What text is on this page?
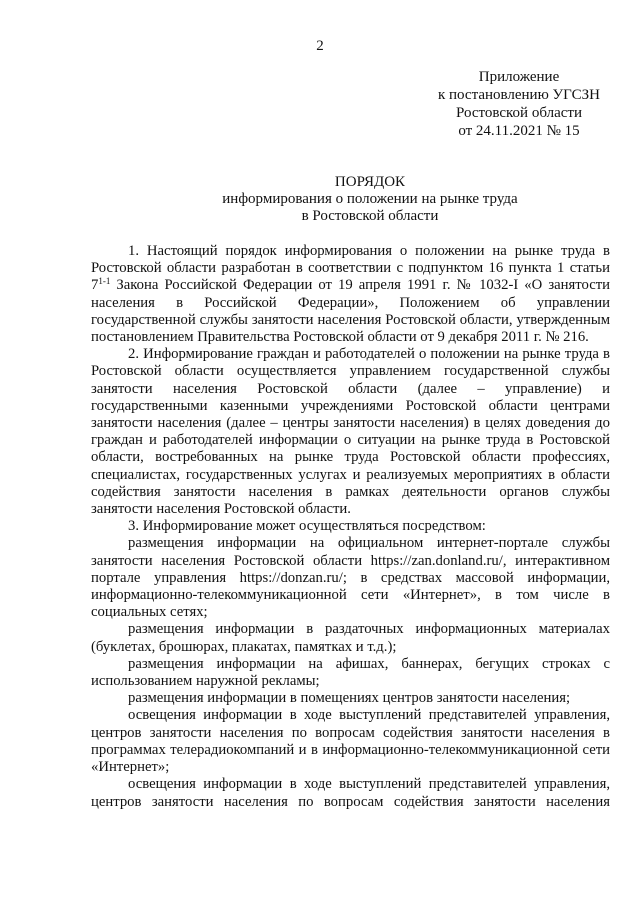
2
Приложение
к постановлению УГСЗН
Ростовской области
от 24.11.2021 № 15
ПОРЯДОК
информирования о положении на рынке труда
в Ростовской области

1. Настоящий порядок информирования о положении на рынке труда в Ростовской области разработан в соответствии с подпунктом 16 пункта 1 статьи 7$^{1-1}$ Закона Российской Федерации от 19 апреля 1991 г. № 1032-I «О занятости населения в Российской Федерации», Положением об управлении государственной службы занятости населения Ростовской области, утвержденным постановлением Правительства Ростовской области от 9 декабря 2011 г. № 216.

2. Информирование граждан и работодателей о положении на рынке труда в Ростовской области осуществляется управлением государственной службы занятости населения Ростовской области (далее – управление) и государственными казенными учреждениями Ростовской области центрами занятости населения (далее – центры занятости населения) в целях доведения до граждан и работодателей информации о ситуации на рынке труда в Ростовской области, востребованных на рынке труда Ростовской области профессиях, специалистах, государственных услугах и реализуемых мероприятиях в области содействия занятости населения в рамках деятельности органов службы занятости населения Ростовской области.

3. Информирование может осуществляться посредством:

размещения информации на официальном интернет-портале службы занятости населения Ростовской области https://zan.donland.ru/, интерактивном портале управления https://donzan.ru/; в средствах массовой информации, информационно-телекоммуникационной сети «Интернет», в том числе в социальных сетях;

размещения информации в раздаточных информационных материалах (буклетах, брошюрах, плакатах, памятках и т.д.);

размещения информации на афишах, баннерах, бегущих строках с использованием наружной рекламы;

размещения информации в помещениях центров занятости населения;

освещения информации в ходе выступлений представителей управления, центров занятости населения по вопросам содействия занятости населения в программах телерадиокомпаний и в информационно-телекоммуникационной сети «Интернет»;

освещения информации в ходе выступлений представителей управления, центров занятости населения по вопросам содействия занятости населения
